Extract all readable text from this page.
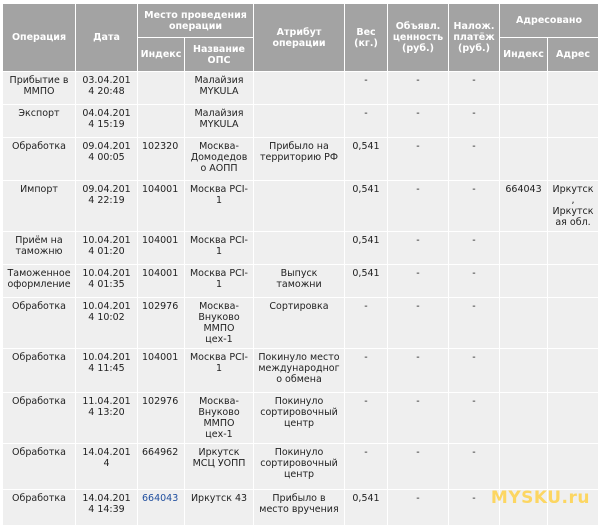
Операция	Дата	Место проведения операции		Атрибут операции	Вес (кг.)	Объявл. ценность (руб.)	Налож. платёж (руб.)	Адресовано	
		Индекс	Название ОПС					Индекс	Адрес
Прибытие в ММПО	03.04.2014 20:48		Малайзия MYKULA		-	-	-		
Экспорт	04.04.2014 15:19		Малайзия MYKULA		-	-	-		
Обработка	09.04.2014 00:05	102320	Москва-Домодедово АОПП	Прибыло на территорию РФ	0,541	-	-		
Импорт	09.04.2014 22:19	104001	Москва PCI-1		0,541	-	-	664043	Иркутск, Иркутская обл.
Приём на таможню	10.04.2014 01:20	104001	Москва PCI-1		0,541	-	-		
Таможенное оформление	10.04.2014 01:35	104001	Москва PCI-1	Выпуск таможни	0,541	-	-		
Обработка	10.04.2014 10:02	102976	Москва-Внуково ММПО цех-1	Сортировка	-	-	-		
Обработка	10.04.2014 11:45	104001	Москва PCI-1	Покинуло место международного обмена	-	-	-		
Обработка	11.04.2014 13:20	102976	Москва-Внуково ММПО цех-1	Покинуло сортировочный центр	-	-	-		
Обработка	14.04.2014	664962	Иркутск МСЦ УОПП	Покинуло сортировочный центр	-	-	-		
Обработка	14.04.2014 14:39	664043	Иркутск 43	Прибыло в место вручения	0,541	-	-		MYSKU.ru
